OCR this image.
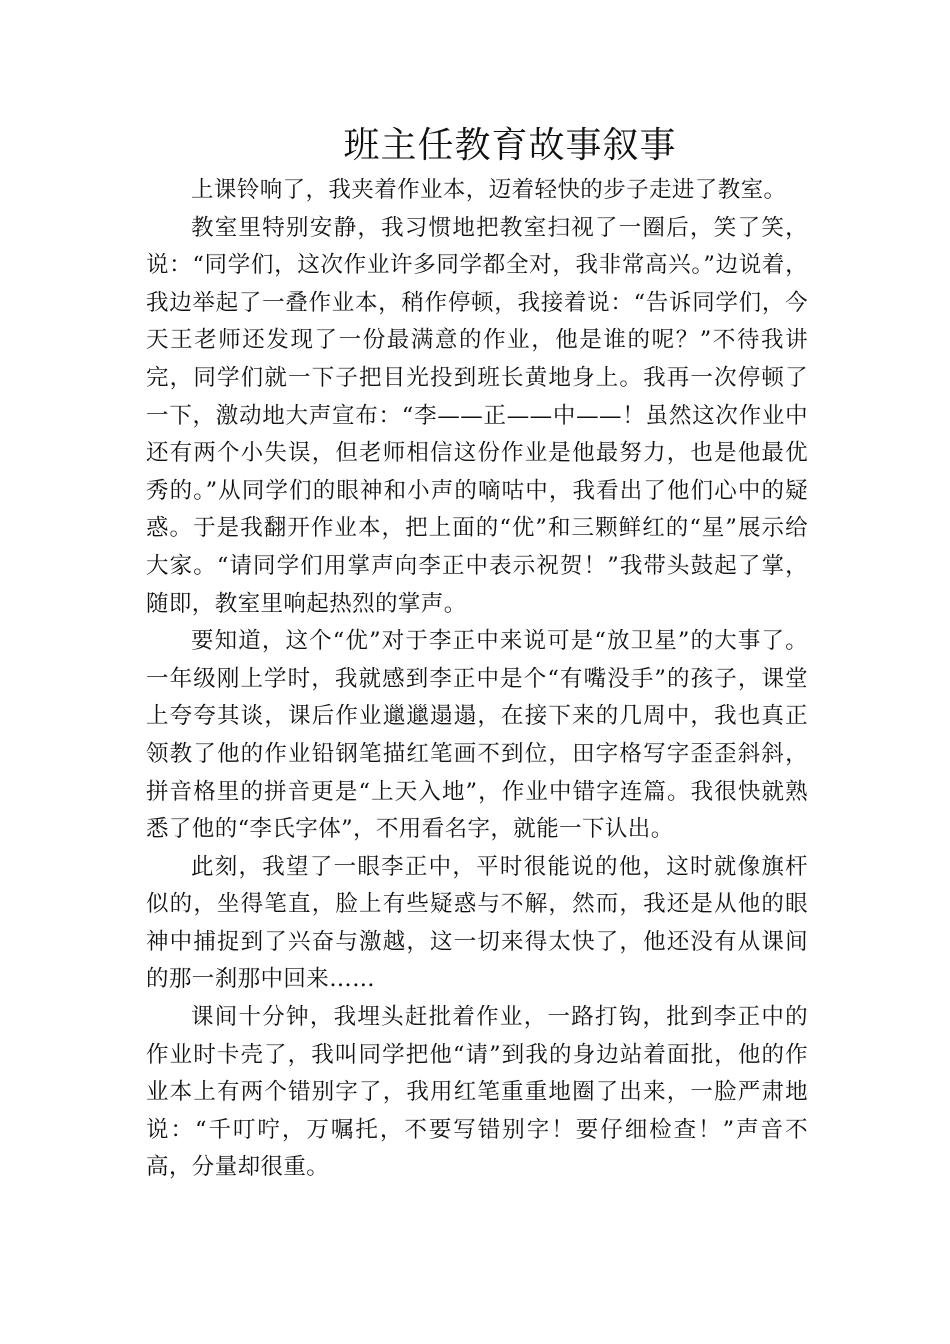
班主任教育故事叙事

上课铃响了，我夹着作业本，迈着轻快的步子走进了教室。

教室里特别安静，我习惯地把教室扫视了一圈后，笑了笑，说：“同学们，这次作业许多同学都全对，我非常高兴。”边说着，我边举起了一叠作业本，稍作停顿，我接着说：“告诉同学们，今天王老师还发现了一份最满意的作业，他是谁的呢？”不待我讲完，同学们就一下子把目光投到班长黄地身上。我再一次停顿了一下，激动地大声宣布：“李——正——中——！虽然这次作业中还有两个小失误，但老师相信这份作业是他最努力，也是他最优秀的。”从同学们的眼神和小声的嘀咕中，我看出了他们心中的疑惑。于是我翻开作业本，把上面的“优”和三颗鲜红的“星”展示给大家。“请同学们用掌声向李正中表示祝贺！”我带头鼓起了掌，随即，教室里响起热烈的掌声。

要知道，这个“优”对于李正中来说可是“放卫星”的大事了。一年级刚上学时，我就感到李正中是个“有嘴没手”的孩子，课堂上夸夸其谈，课后作业邋邋遢遢，在接下来的几周中，我也真正领教了他的作业铅钢笔描红笔画不到位，田字格写字歪歪斜斜，拼音格里的拼音更是“上天入地”，作业中错字连篇。我很快就熟悉了他的“李氏字体”，不用看名字，就能一下认出。

此刻，我望了一眼李正中，平时很能说的他，这时就像旗杆似的，坐得笔直，脸上有些疑惑与不解，然而，我还是从他的眼神中捕捉到了兴奋与激越，这一切来得太快了，他还没有从课间的那一刹那中回来……

课间十分钟，我埋头赶批着作业，一路打钩，批到李正中的作业时卡壳了，我叫同学把他“请”到我的身边站着面批，他的作业本上有两个错别字了，我用红笔重重地圈了出来，一脸严肃地说：“千叮咛，万嘱托，不要写错别字！要仔细检查！”声音不高，分量却很重。
